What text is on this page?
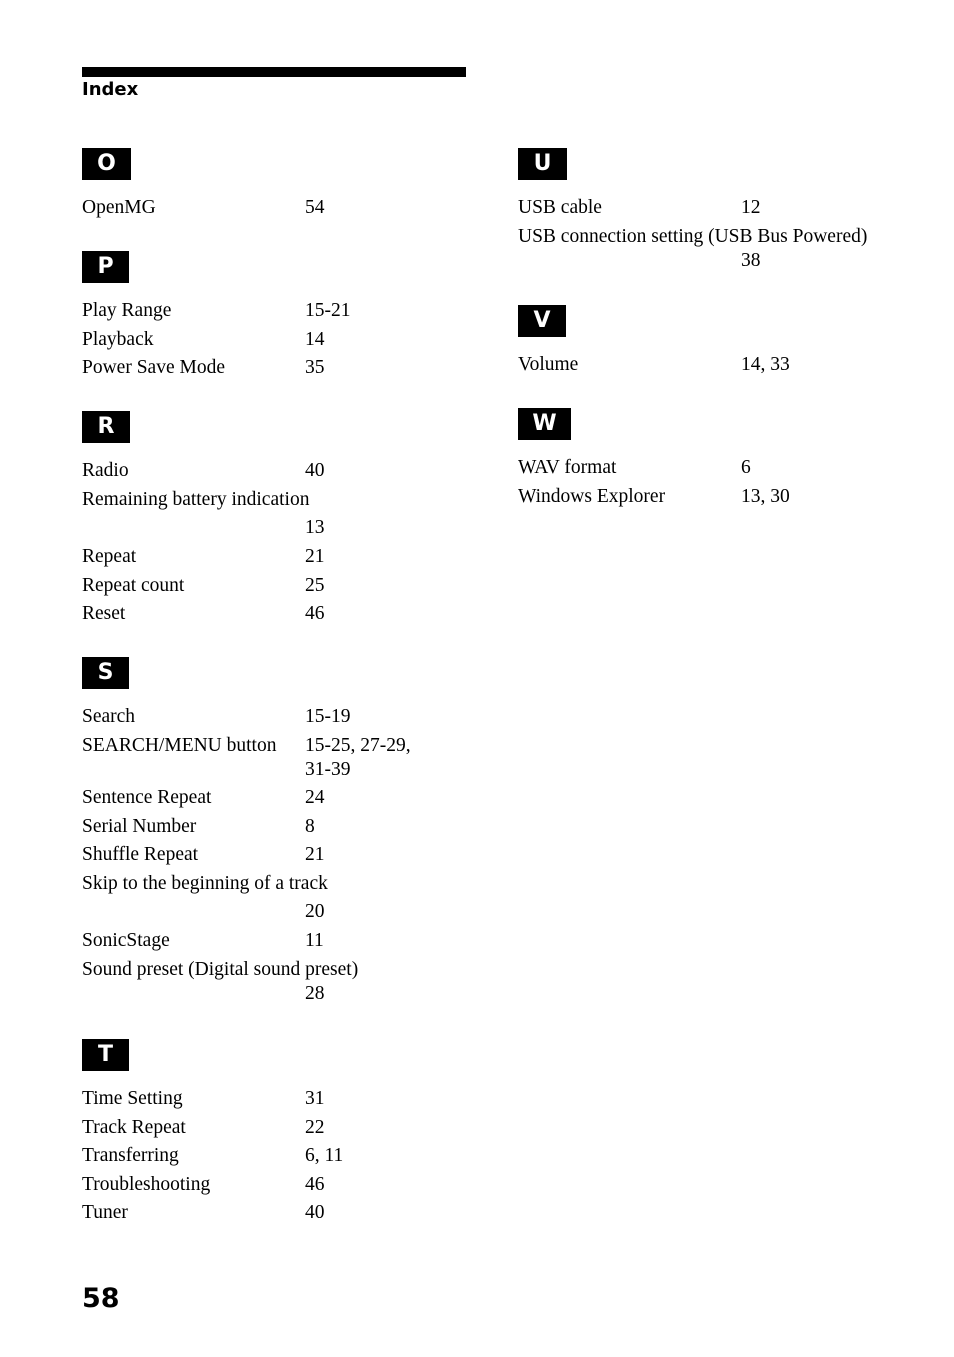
Index
O
OpenMG	54
P
Play Range	15-21
Playback	14
Power Save Mode	35
R
Radio	40
Remaining battery indication
13
Repeat	21
Repeat count	25
Reset	46
S
Search	15-19
SEARCH/MENU button	15-25, 27-29,
31-39
Sentence Repeat	24
Serial Number	8
Shuffle Repeat	21
Skip to the beginning of a track
20
SonicStage	11
Sound preset (Digital sound preset)
28
T
Time Setting	31
Track Repeat	22
Transferring	6, 11
Troubleshooting	46
Tuner	40
U
USB cable	12
USB connection setting (USB Bus Powered)
38
V
Volume	14, 33
W
WAV format	6
Windows Explorer	13, 30
58
